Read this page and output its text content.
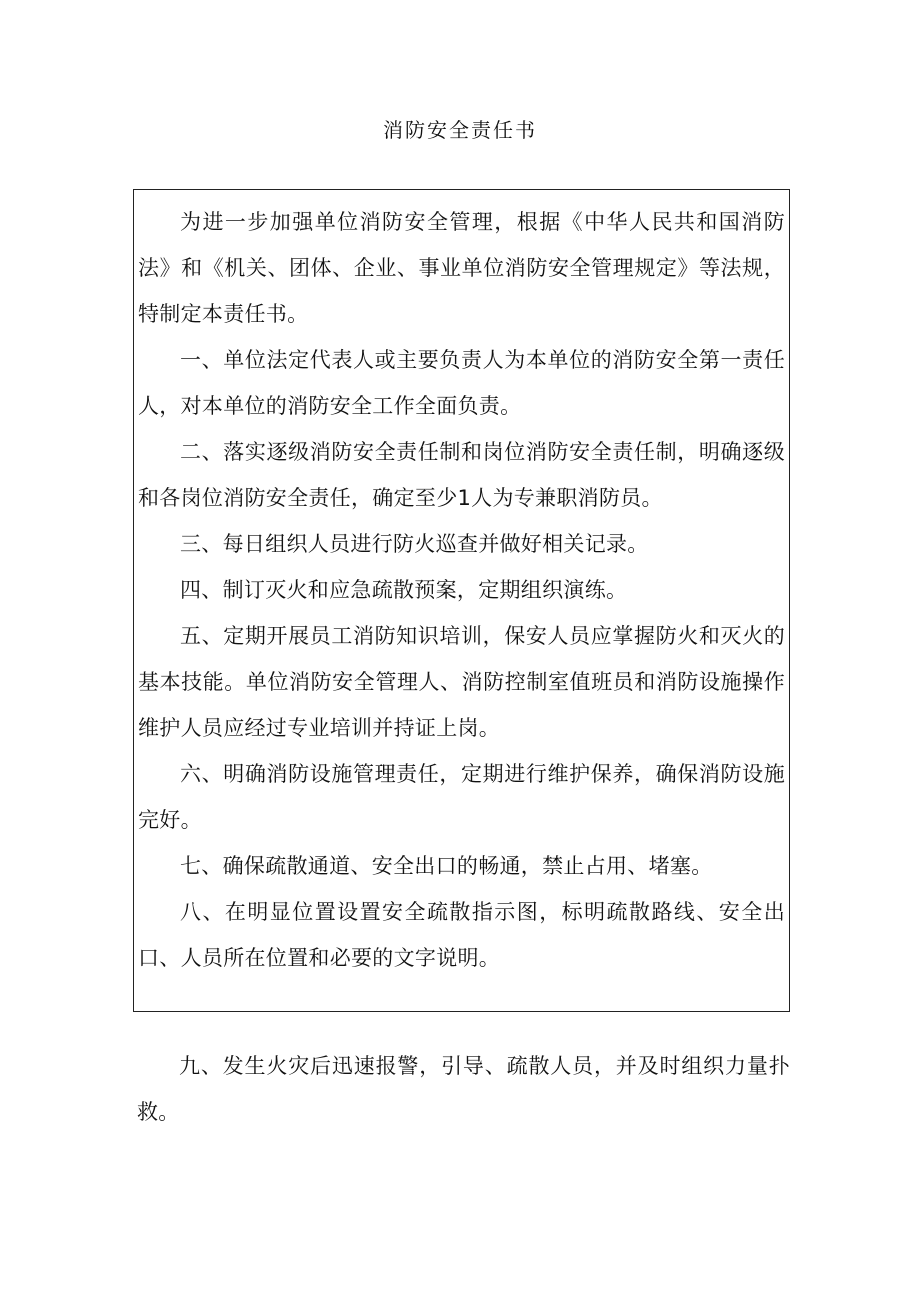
消防安全责任书

为进一步加强单位消防安全管理，根据《中华人民共和国消防法》和《机关、团体、企业、事业单位消防安全管理规定》等法规，特制定本责任书。

一、单位法定代表人或主要负责人为本单位的消防安全第一责任人，对本单位的消防安全工作全面负责。

二、落实逐级消防安全责任制和岗位消防安全责任制，明确逐级和各岗位消防安全责任，确定至少1人为专兼职消防员。

三、每日组织人员进行防火巡查并做好相关记录。

四、制订灭火和应急疏散预案，定期组织演练。

五、定期开展员工消防知识培训，保安人员应掌握防火和灭火的基本技能。单位消防安全管理人、消防控制室值班员和消防设施操作维护人员应经过专业培训并持证上岗。

六、明确消防设施管理责任，定期进行维护保养，确保消防设施完好。

七、确保疏散通道、安全出口的畅通，禁止占用、堵塞。

八、在明显位置设置安全疏散指示图，标明疏散路线、安全出口、人员所在位置和必要的文字说明。

九、发生火灾后迅速报警，引导、疏散人员，并及时组织力量扑救。
